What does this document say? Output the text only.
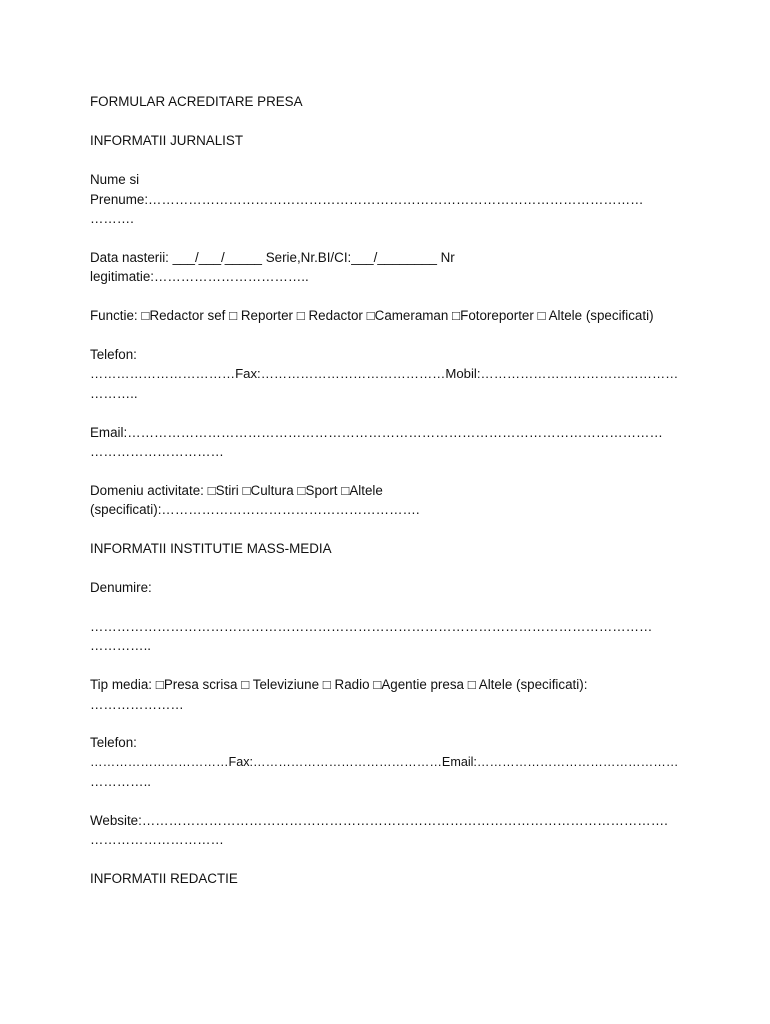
FORMULAR ACREDITARE PRESA
INFORMATII JURNALIST
Nume si
Prenume:…………………………………………………………………………………………………
……….
Data nasterii: ___/___/_____ Serie,Nr.BI/CI:___/________ Nr
legitimatie:……………………………..
Functie: □Redactor sef □ Reporter □ Redactor □Cameraman □Fotoreporter □ Altele (specificati)
Telefon:
……………………………Fax:……………………………………Mobil:………………………………………
………..
Email:…………………………………………………………………………………………………………
…………………………
Domeniu activitate: □Stiri □Cultura □Sport □Altele
(specificati):………………………………………………….
INFORMATII INSTITUTIE MASS-MEDIA
Denumire:
………………………………………………………………………………………………………………
…………..
Tip media: □Presa scrisa □ Televiziune □ Radio □Agentie presa □ Altele (specificati):
…………………
Telefon:
……………………………Fax:………………………………………Email:…………………………………………
…………..
Website:……………………………………………………………………………………………………….
…………………………
INFORMATII REDACTIE
